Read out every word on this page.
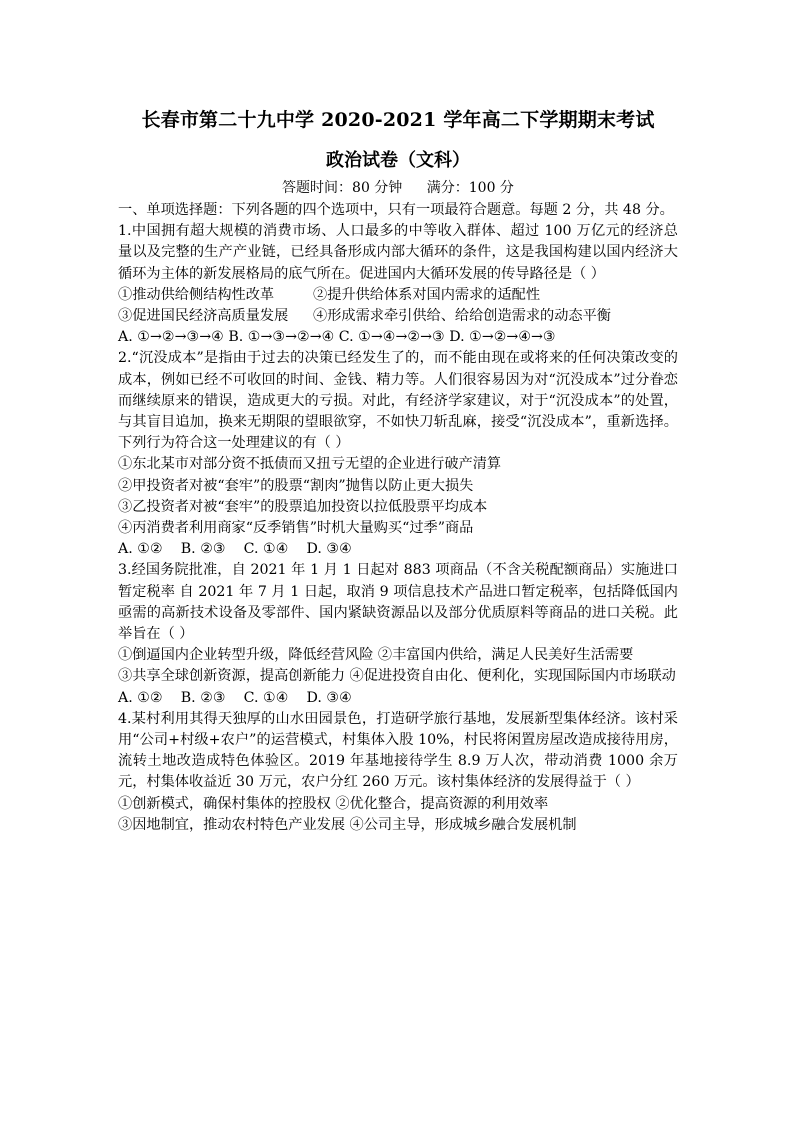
长春市第二十九中学 2020-2021 学年高二下学期期末考试
政治试卷（文科）
答题时间：80 分钟 满分：100 分

一、单项选择题：下列各题的四个选项中，只有一项最符合题意。每题 2 分，共 48 分。

1.中国拥有超大规模的消费市场、人口最多的中等收入群体、超过 100 万亿元的经济总量以及完整的生产产业链，已经具备形成内部大循环的条件，这是我国构建以国内经济大循环为主体的新发展格局的底气所在。促进国内大循环发展的传导路径是（ ）

①推动供给侧结构性改革	②提升供给体系对国内需求的适配性
③促进国民经济高质量发展 ④形成需求牵引供给、给给创造需求的动态平衡

A. ①→②→③→④ B. ①→③→②→④ C. ①→④→②→③ D. ①→②→④→③

2.“沉没成本”是指由于过去的决策已经发生了的，而不能由现在或将来的任何决策改变的成本，例如已经不可收回的时间、金钱、精力等。人们很容易因为对“沉没成本”过分眷恋而继续原来的错误，造成更大的亏损。对此，有经济学家建议，对于“沉没成本”的处置，与其盲目追加，换来无期限的望眼欲穿，不如快刀斩乱麻，接受“沉没成本”，重新选择。下列行为符合这一处理建议的有（ ）

①东北某市对部分资不抵债而又扭亏无望的企业进行破产清算

②甲投资者对被“套牢”的股票“割肉”抛售以防止更大损失

③乙投资者对被“套牢”的股票追加投资以拉低股票平均成本

④丙消费者利用商家“反季销售”时机大量购买“过季”商品

A. ①②    B. ②③    C. ①④    D. ③④

3.经国务院批准，自 2021 年 1 月 1 日起对 883 项商品（不含关税配额商品）实施进口暂定税率 自 2021 年 7 月 1 日起，取消 9 项信息技术产品进口暂定税率，包括降低国内亟需的高新技术设备及零部件、国内紧缺资源品以及部分优质原料等商品的进口关税。此举旨在（ ）

①倒逼国内企业转型升级，降低经营风险 ②丰富国内供给，满足人民美好生活需要

③共享全球创新资源，提高创新能力 ④促进投资自由化、便利化，实现国际国内市场联动

A. ①②    B. ②③    C. ①④    D. ③④

4.某村利用其得天独厚的山水田园景色，打造研学旅行基地，发展新型集体经济。该村采用“公司+村级+农户”的运营模式，村集体入股 10%，村民将闲置房屋改造成接待用房，流转土地改造成特色体验区。2019 年基地接待学生 8.9 万人次，带动消费 1000 余万元，村集体收益近 30 万元，农户分红 260 万元。该村集体经济的发展得益于（ ）

①创新模式，确保村集体的控股权 ②优化整合，提高资源的利用效率

③因地制宜，推动农村特色产业发展 ④公司主导，形成城乡融合发展机制
